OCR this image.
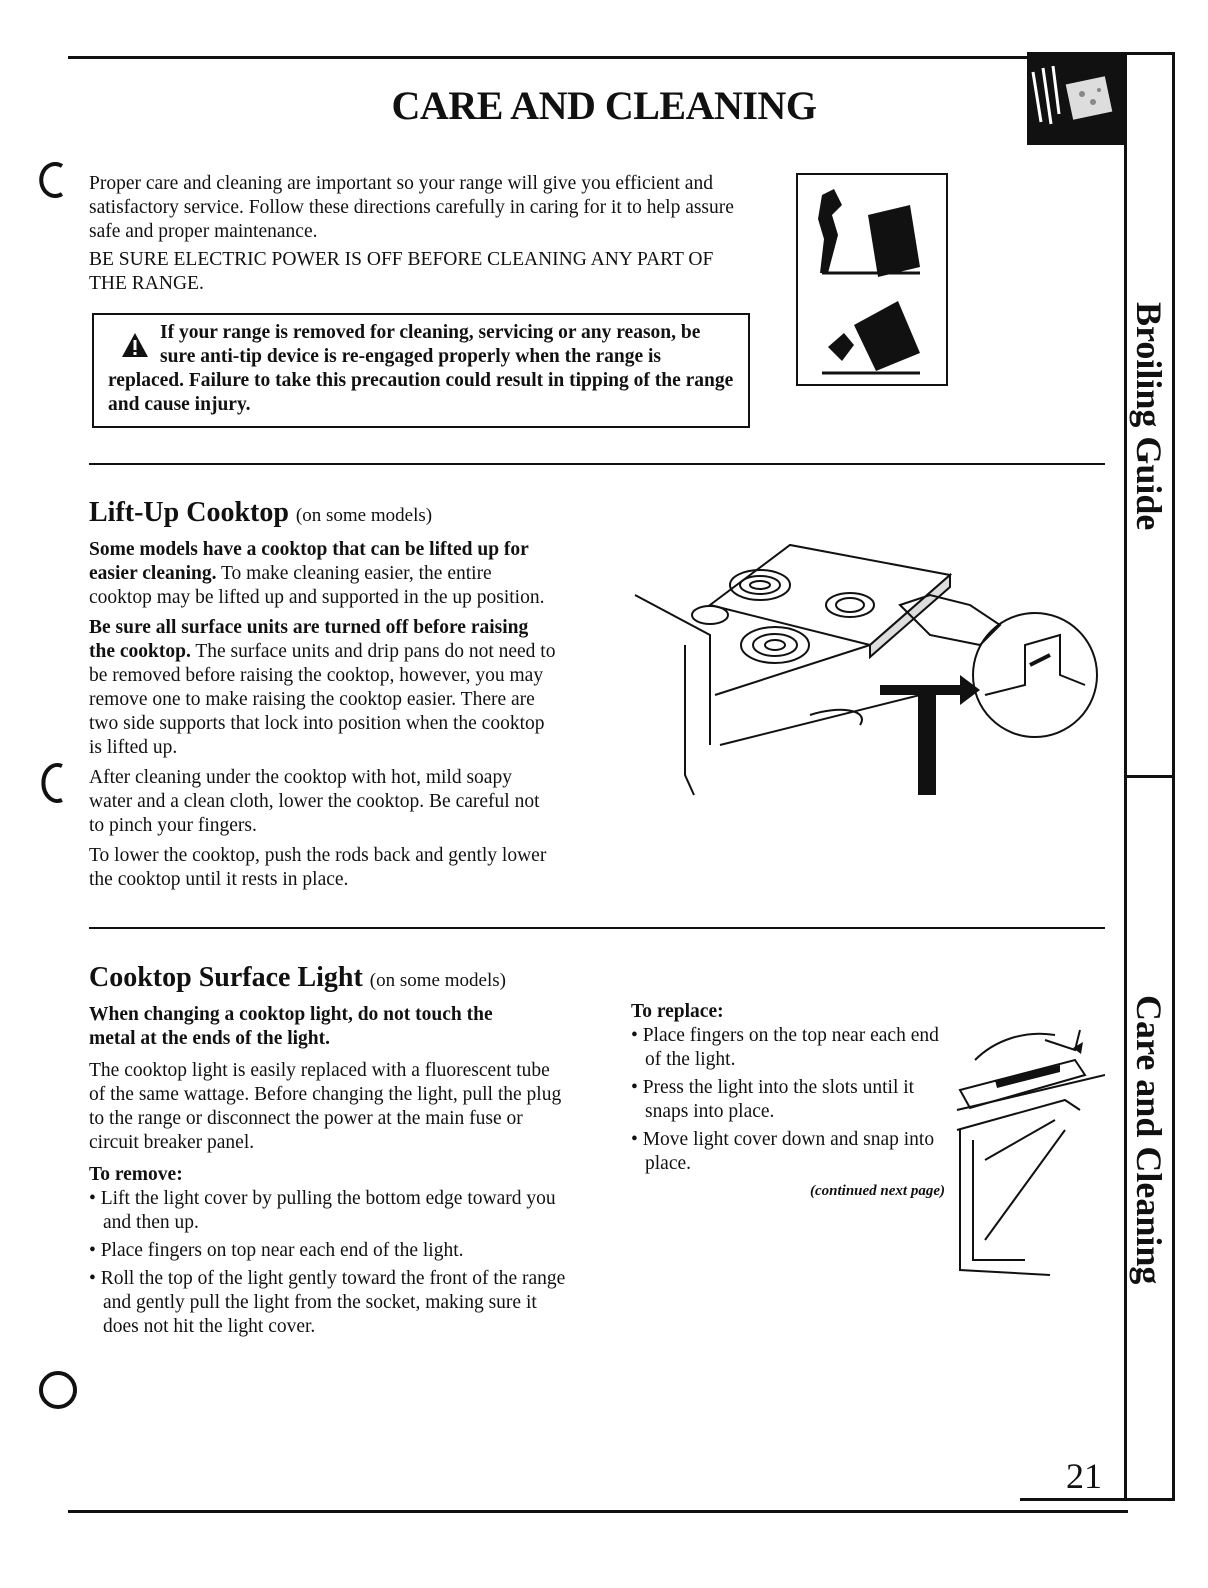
CARE AND CLEANING

Proper care and cleaning are important so your range will give you efficient and satisfactory service. Follow these directions carefully in caring for it to help assure safe and proper maintenance.

BE SURE ELECTRIC POWER IS OFF BEFORE CLEANING ANY PART OF THE RANGE.

If your range is removed for cleaning, servicing or any reason, be sure anti-tip device is re-engaged properly when the range is replaced. Failure to take this precaution could result in tipping of the range and cause injury.

Lift-Up Cooktop (on some models)

Some models have a cooktop that can be lifted up for easier cleaning. To make cleaning easier, the entire cooktop may be lifted up and supported in the up position.

Be sure all surface units are turned off before raising the cooktop. The surface units and drip pans do not need to be removed before raising the cooktop, however, you may remove one to make raising the cooktop easier. There are two side supports that lock into position when the cooktop is lifted up.

After cleaning under the cooktop with hot, mild soapy water and a clean cloth, lower the cooktop. Be careful not to pinch your fingers.

To lower the cooktop, push the rods back and gently lower the cooktop until it rests in place.

Cooktop Surface Light (on some models)

When changing a cooktop light, do not touch the metal at the ends of the light.

The cooktop light is easily replaced with a fluorescent tube of the same wattage. Before changing the light, pull the plug to the range or disconnect the power at the main fuse or circuit breaker panel.

To remove:

• Lift the light cover by pulling the bottom edge toward you and then up.
• Place fingers on top near each end of the light.
• Roll the top of the light gently toward the front of the range and gently pull the light from the socket, making sure it does not hit the light cover.

To replace:

• Place fingers on the top near each end of the light.
• Press the light into the slots until it snaps into place.
• Move light cover down and snap into place.
(continued next page)
Broiling Guide
Care and Cleaning
21
